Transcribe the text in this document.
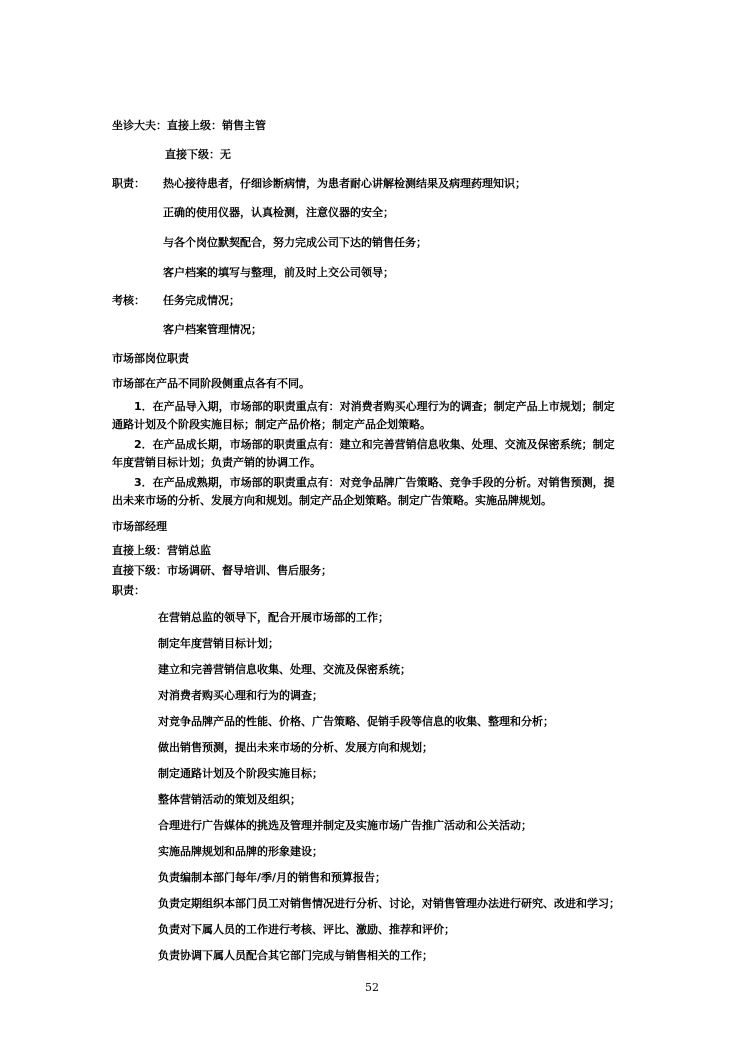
坐诊大夫：直接上级：销售主管
直接下级：无
职责： 热心接待患者，仔细诊断病情，为患者耐心讲解检测结果及病理药理知识；
正确的使用仪器，认真检测，注意仪器的安全；
与各个岗位默契配合，努力完成公司下达的销售任务；
客户档案的填写与整理，前及时上交公司领导；
考核： 任务完成情况；
客户档案管理情况；
市场部岗位职责
市场部在产品不同阶段侧重点各有不同。
1．在产品导入期，市场部的职责重点有：对消费者购买心理行为的调查；制定产品上市规划；制定
通路计划及个阶段实施目标；制定产品价格；制定产品企划策略。
2．在产品成长期，市场部的职责重点有：建立和完善营销信息收集、处理、交流及保密系统；制定
年度营销目标计划；负责产销的协调工作。
3．在产品成熟期，市场部的职责重点有：对竞争品牌广告策略、竞争手段的分析。对销售预测，提
出未来市场的分析、发展方向和规划。制定产品企划策略。制定广告策略。实施品牌规划。
市场部经理
直接上级：营销总监
直接下级：市场调研、督导培训、售后服务；
职责：
在营销总监的领导下，配合开展市场部的工作；
制定年度营销目标计划；
建立和完善营销信息收集、处理、交流及保密系统；
对消费者购买心理和行为的调查；
对竞争品牌产品的性能、价格、广告策略、促销手段等信息的收集、整理和分析；
做出销售预测，提出未来市场的分析、发展方向和规划；
制定通路计划及个阶段实施目标；
整体营销活动的策划及组织；
合理进行广告媒体的挑选及管理并制定及实施市场广告推广活动和公关活动；
实施品牌规划和品牌的形象建设；
负责编制本部门每年/季/月的销售和预算报告；
负责定期组织本部门员工对销售情况进行分析、讨论，对销售管理办法进行研究、改进和学习；
负责对下属人员的工作进行考核、评比、激励、推荐和评价；
负责协调下属人员配合其它部门完成与销售相关的工作；
52
